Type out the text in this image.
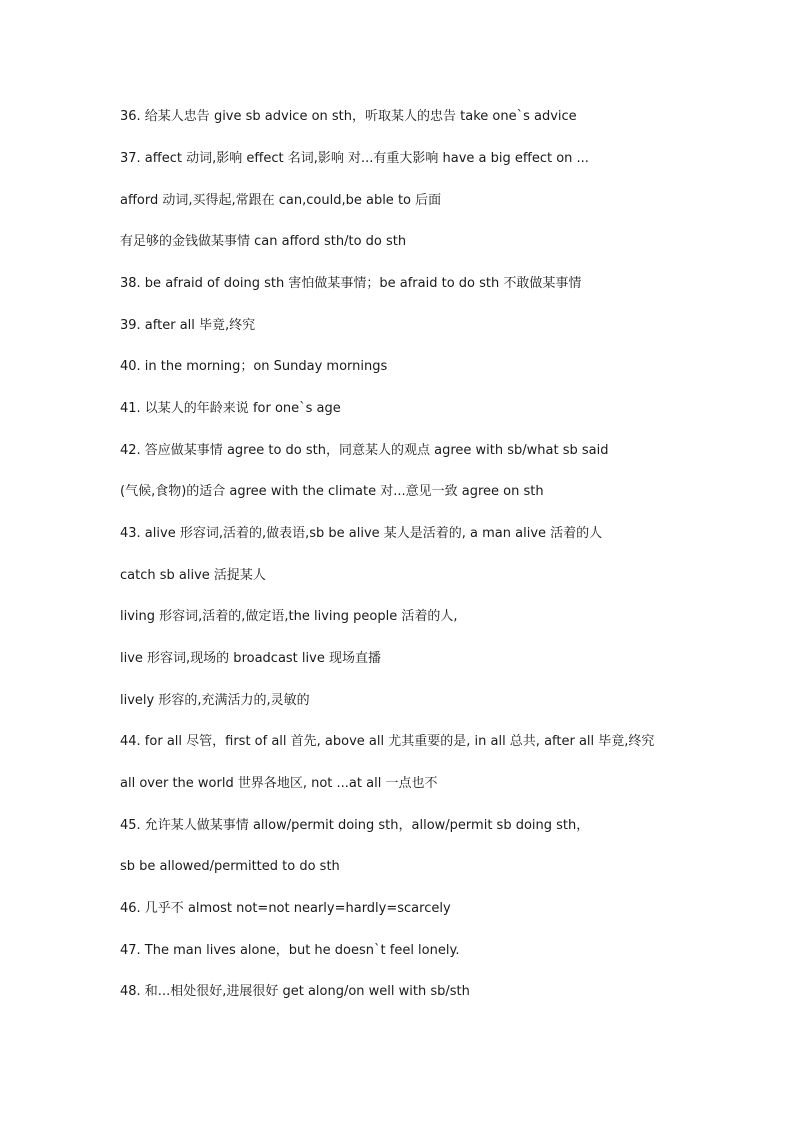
36. 给某人忠告 give sb advice on sth，听取某人的忠告 take one`s advice
37. affect 动词,影响 effect 名词,影响 对...有重大影响 have a big effect on ...
afford 动词,买得起,常跟在 can,could,be able to 后面
有足够的金钱做某事情 can afford sth/to do sth
38. be afraid of doing sth 害怕做某事情；be afraid to do sth 不敢做某事情
39. after all 毕竟,终究
40. in the morning；on Sunday mornings
41. 以某人的年龄来说 for one`s age
42. 答应做某事情 agree to do sth，同意某人的观点 agree with sb/what sb said
(气候,食物)的适合 agree with the climate 对...意见一致 agree on sth
43. alive 形容词,活着的,做表语,sb be alive 某人是活着的, a man alive 活着的人
catch sb alive 活捉某人
living 形容词,活着的,做定语,the living people 活着的人,
live 形容词,现场的 broadcast live 现场直播
lively 形容的,充满活力的,灵敏的
44. for all 尽管，first of all 首先, above all 尤其重要的是, in all 总共, after all 毕竟,终究
all over the world 世界各地区, not ...at all 一点也不
45. 允许某人做某事情 allow/permit doing sth，allow/permit sb doing sth，
sb be allowed/permitted to do sth
46. 几乎不 almost not=not nearly=hardly=scarcely
47. The man lives alone，but he doesn`t feel lonely.
48. 和...相处很好,进展很好 get along/on well with sb/sth
